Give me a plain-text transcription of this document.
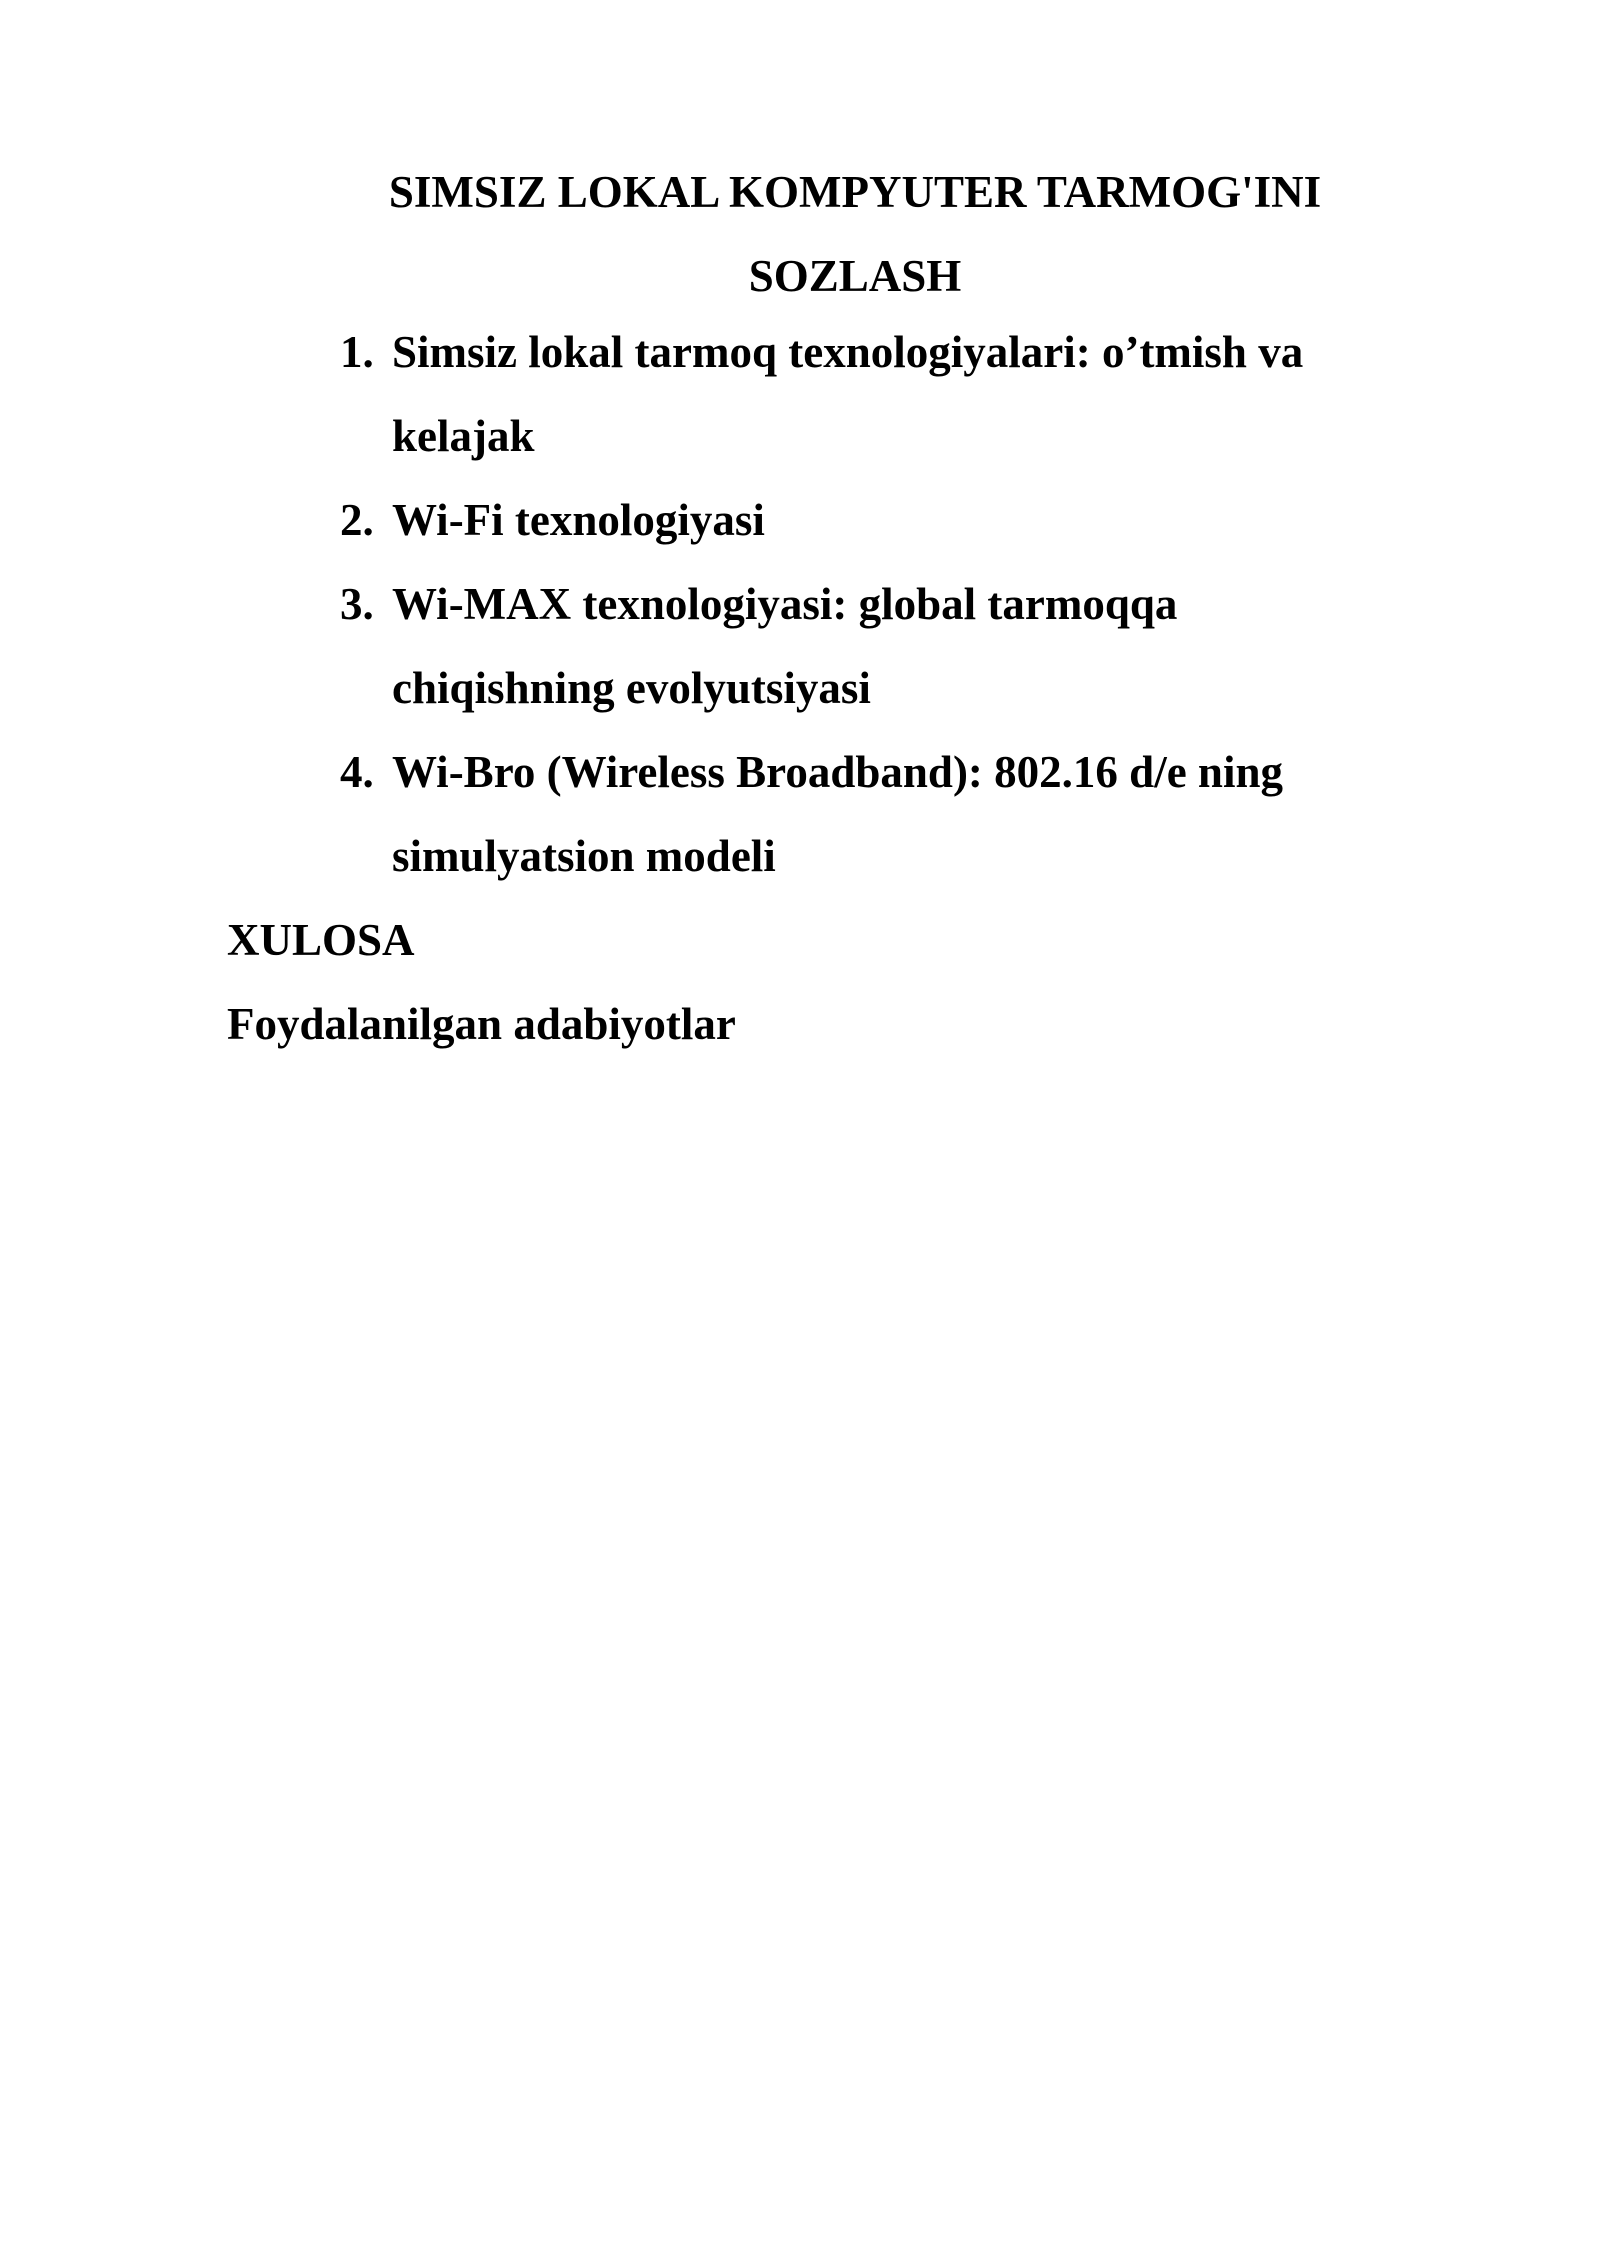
SIMSIZ LOKAL KOMPYUTER TARMOG'INI SOZLASH
1. Simsiz lokal tarmoq texnologiyalari: o’tmish va kelajak
2. Wi-Fi texnologiyasi
3. Wi-MAX texnologiyasi: global tarmoqqa chiqishning evolyutsiyasi
4. Wi-Bro (Wireless Broadband): 802.16 d/e ning simulyatsion modeli

XULOSA

Foydalanilgan adabiyotlar
